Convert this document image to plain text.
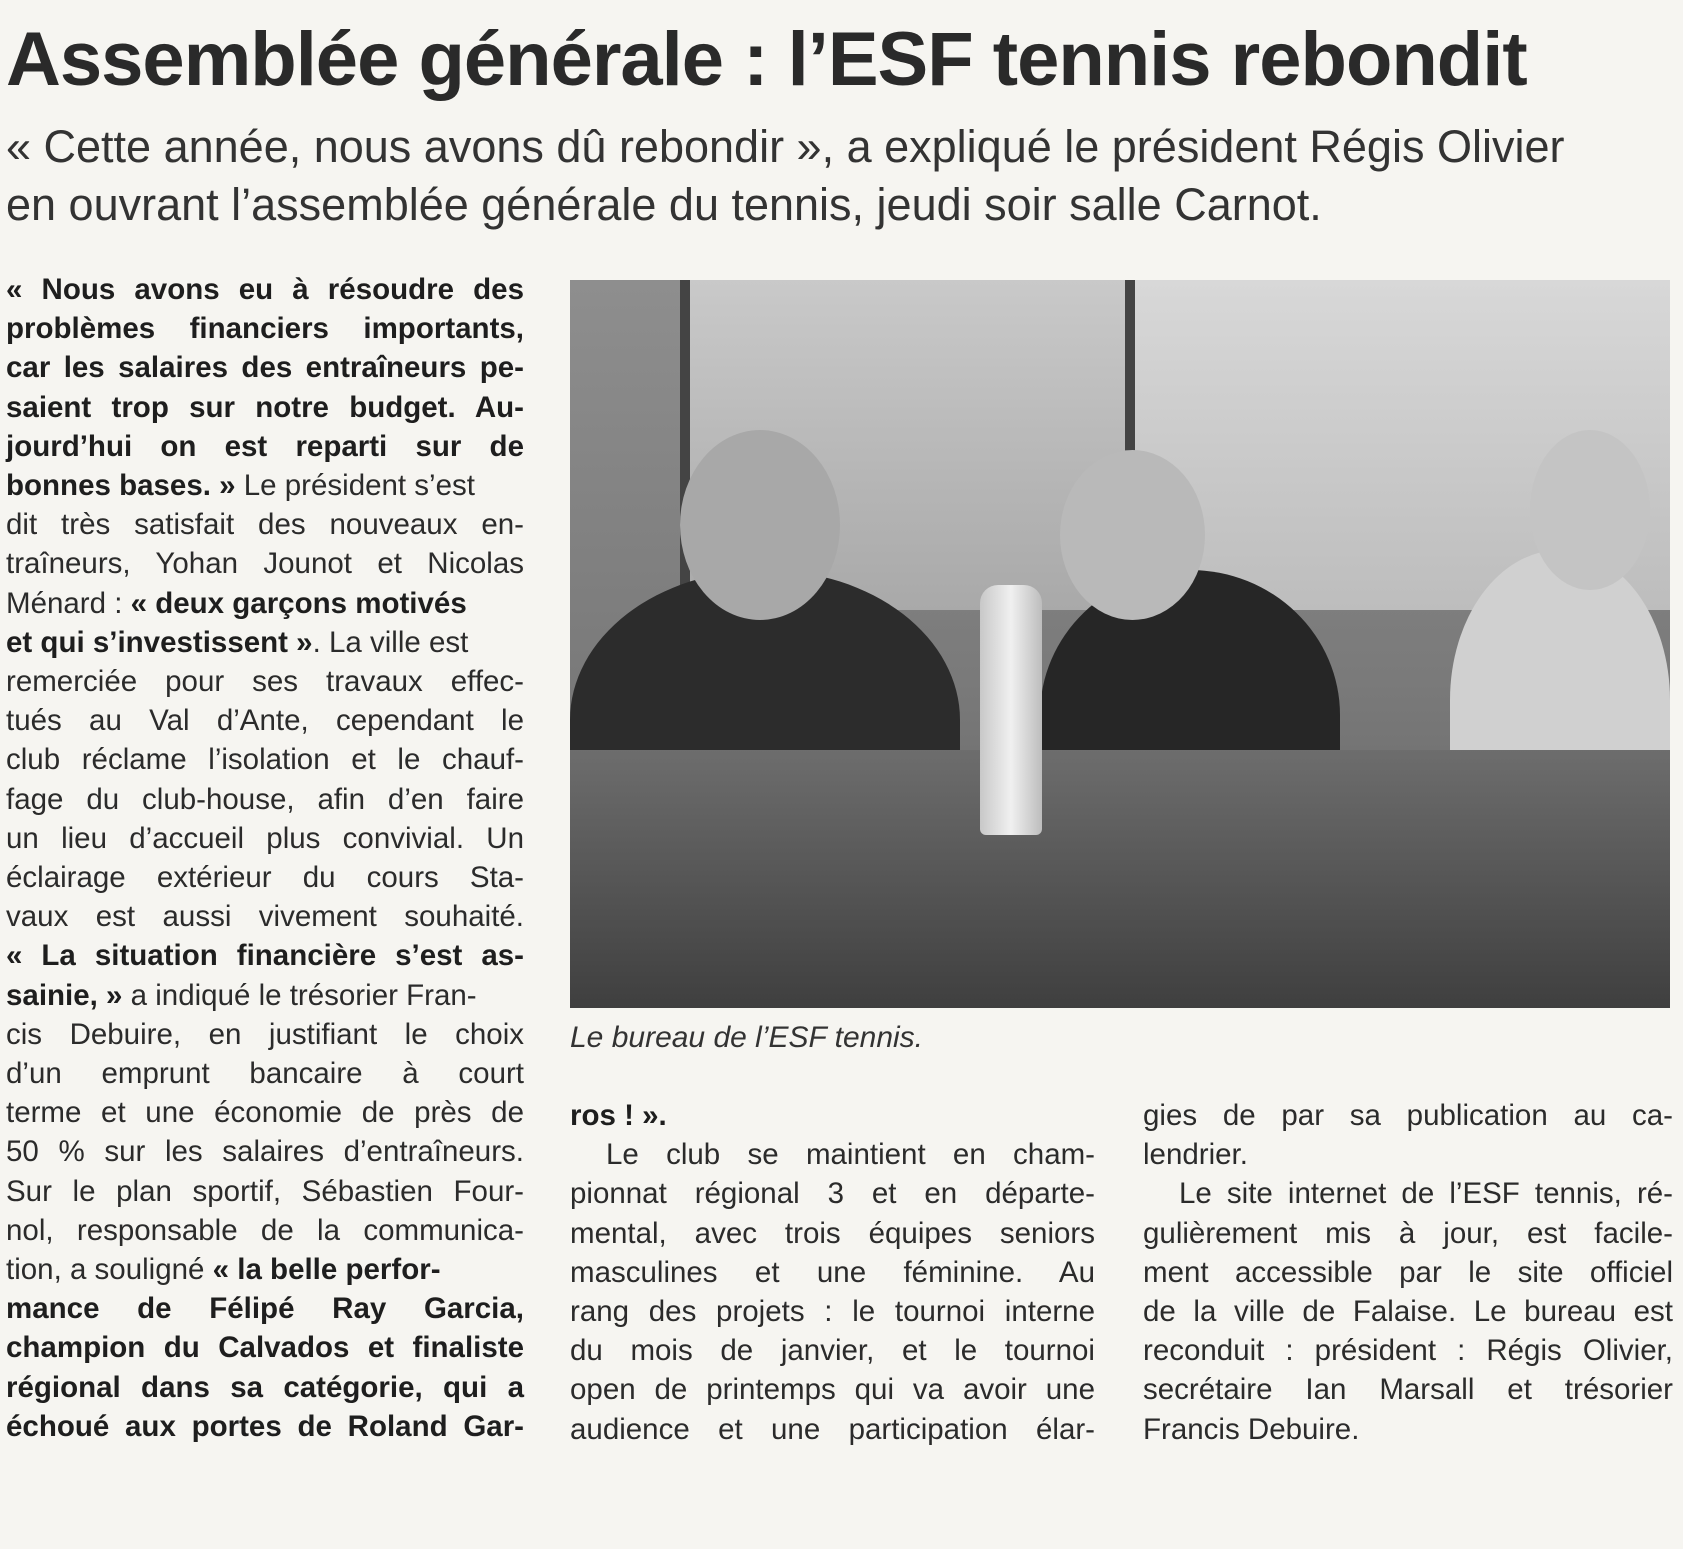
Assemblée générale : l’ESF tennis rebondit

« Cette année, nous avons dû rebondir », a expliqué le président Régis Olivier
en ouvrant l’assemblée générale du tennis, jeudi soir salle Carnot.

« Nous avons eu à résoudre des
problèmes financiers importants,
car les salaires des entraîneurs pe-
saient trop sur notre budget. Au-
jourd’hui on est reparti sur de
bonnes bases. » Le président s’est
dit très satisfait des nouveaux en-
traîneurs, Yohan Jounot et Nicolas
Ménard : « deux garçons motivés
et qui s’investissent ». La ville est
remerciée pour ses travaux effec-
tués au Val d’Ante, cependant le
club réclame l’isolation et le chauf-
fage du club-house, afin d’en faire
un lieu d’accueil plus convivial. Un
éclairage extérieur du cours Sta-
vaux est aussi vivement souhaité.
« La situation financière s’est as-
sainie, » a indiqué le trésorier Fran-
cis Debuire, en justifiant le choix
d’un emprunt bancaire à court
terme et une économie de près de
50 % sur les salaires d’entraîneurs.
Sur le plan sportif, Sébastien Four-
nol, responsable de la communica-
tion, a souligné « la belle perfor-
mance de Félipé Ray Garcia,
champion du Calvados et finaliste
régional dans sa catégorie, qui a
échoué aux portes de Roland Gar-
Le bureau de l’ESF tennis.
ros ! ».
Le club se maintient en cham-
pionnat régional 3 et en départe-
mental, avec trois équipes seniors
masculines et une féminine. Au
rang des projets : le tournoi interne
du mois de janvier, et le tournoi
open de printemps qui va avoir une
audience et une participation élar-
gies de par sa publication au ca-
lendrier.
Le site internet de l’ESF tennis, ré-
gulièrement mis à jour, est facile-
ment accessible par le site officiel
de la ville de Falaise. Le bureau est
reconduit : président : Régis Olivier,
secrétaire Ian Marsall et trésorier
Francis Debuire.
